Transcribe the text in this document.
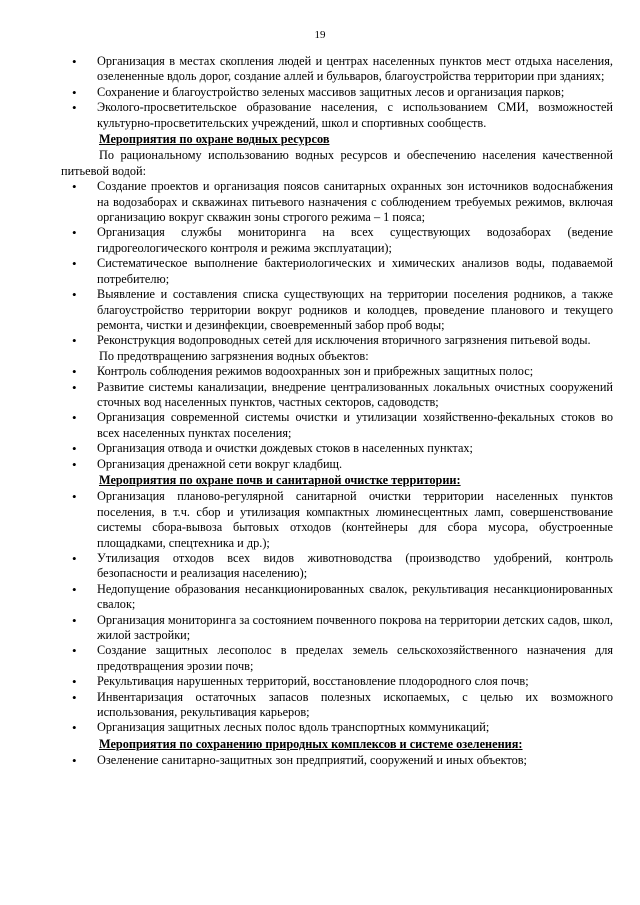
19
• Организация в местах скопления людей и центрах населенных пунктов мест отдыха населения, озелененные вдоль дорог, создание аллей и бульваров, благоустройства территории при зданиях;
• Сохранение и благоустройство зеленых массивов защитных лесов и организация парков;
• Эколого-просветительское образование населения, с использованием СМИ, возможностей культурно-просветительских учреждений, школ и спортивных сообществ.
Мероприятия по охране водных ресурсов
По рациональному использованию водных ресурсов и обеспечению населения качественной питьевой водой:
• Создание проектов и организация поясов санитарных охранных зон источников водоснабжения на водозаборах и скважинах питьевого назначения с соблюдением требуемых режимов, включая организацию вокруг скважин зоны строгого режима – 1 пояса;
• Организация службы мониторинга на всех существующих водозаборах (ведение гидрогеологического контроля и режима эксплуатации);
• Систематическое выполнение бактериологических и химических анализов воды, подаваемой потребителю;
• Выявление и составления списка существующих на территории поселения родников, а также благоустройство территории вокруг родников и колодцев, проведение планового и текущего ремонта, чистки и дезинфекции, своевременный забор проб воды;
• Реконструкция водопроводных сетей для исключения вторичного загрязнения питьевой воды.
По предотвращению загрязнения водных объектов:
• Контроль соблюдения режимов водоохранных зон и прибрежных защитных полос;
• Развитие системы канализации, внедрение централизованных локальных очистных сооружений сточных вод населенных пунктов, частных секторов, садоводств;
• Организация современной системы очистки и утилизации хозяйственно-фекальных стоков во всех населенных пунктах поселения;
• Организация отвода и очистки дождевых стоков в населенных пунктах;
• Организация дренажной сети вокруг кладбищ.
Мероприятия по охране почв и санитарной очистке территории:
• Организация планово-регулярной санитарной очистки территории населенных пунктов поселения, в т.ч. сбор и утилизация компактных люминесцентных ламп, совершенствование системы сбора-вывоза бытовых отходов (контейнеры для сбора мусора, обустроенные площадками, спецтехника и др.);
• Утилизация отходов всех видов животноводства (производство удобрений, контроль безопасности и реализация населению);
• Недопущение образования несанкционированных свалок, рекультивация несанкционированных свалок;
• Организация мониторинга за состоянием почвенного покрова на территории детских садов, школ, жилой застройки;
• Создание защитных лесополос в пределах земель сельскохозяйственного назначения для предотвращения эрозии почв;
• Рекультивация нарушенных территорий, восстановление плодородного слоя почв;
• Инвентаризация остаточных запасов полезных ископаемых, с целью их возможного использования, рекультивация карьеров;
• Организация защитных лесных полос вдоль транспортных коммуникаций;
Мероприятия по сохранению природных комплексов и системе озеленения:
• Озеленение санитарно-защитных зон предприятий, сооружений и иных объектов;
